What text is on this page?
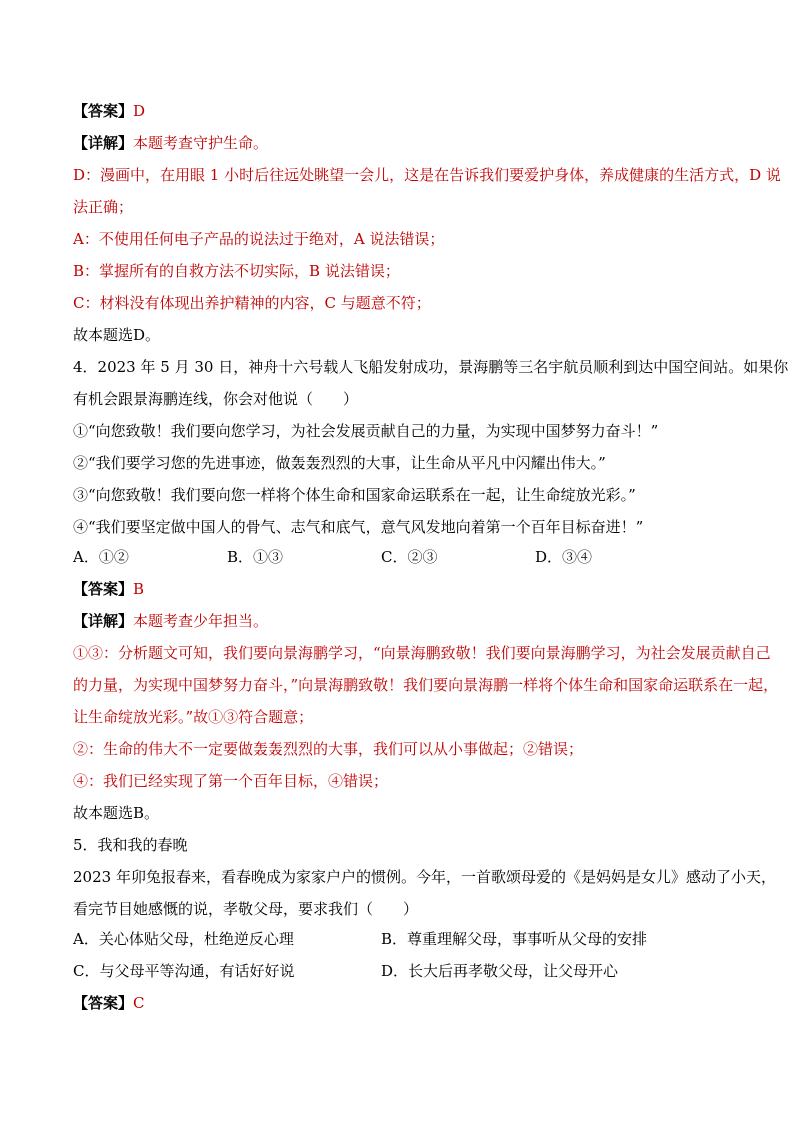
【答案】D
【详解】本题考查守护生命。
D：漫画中，在用眼 1 小时后往远处眺望一会儿，这是在告诉我们要爱护身体，养成健康的生活方式，D 说
法正确；
A：不使用任何电子产品的说法过于绝对，A 说法错误；
B：掌握所有的自救方法不切实际，B 说法错误；
C：材料没有体现出养护精神的内容，C 与题意不符；
故本题选D。
4．2023 年 5 月 30 日，神舟十六号载人飞船发射成功，景海鹏等三名宇航员顺利到达中国空间站。如果你
有机会跟景海鹏连线，你会对他说（　　）
①“向您致敬！我们要向您学习，为社会发展贡献自己的力量，为实现中国梦努力奋斗！”
②“我们要学习您的先进事迹，做轰轰烈烈的大事，让生命从平凡中闪耀出伟大。”
③“向您致敬！我们要向您一样将个体生命和国家命运联系在一起，让生命绽放光彩。”
④“我们要坚定做中国人的骨气、志气和底气，意气风发地向着第一个百年目标奋进！”
A．①②	B．①③	C．②③	D．③④
【答案】B
【详解】本题考查少年担当。
①③：分析题文可知，我们要向景海鹏学习，“向景海鹏致敬！我们要向景海鹏学习，为社会发展贡献自己
的力量，为实现中国梦努力奋斗，”向景海鹏致敬！我们要向景海鹏一样将个体生命和国家命运联系在一起，
让生命绽放光彩。”故①③符合题意；
②：生命的伟大不一定要做轰轰烈烈的大事，我们可以从小事做起；②错误；
④：我们已经实现了第一个百年目标，④错误；
故本题选B。
5．我和我的春晚
2023 年卯兔报春来，看春晚成为家家户户的惯例。今年，一首歌颂母爱的《是妈妈是女儿》感动了小天，
看完节目她感慨的说，孝敬父母，要求我们（　　）
A．关心体贴父母，杜绝逆反心理	B．尊重理解父母，事事听从父母的安排
C．与父母平等沟通，有话好好说	D．长大后再孝敬父母，让父母开心
【答案】C
